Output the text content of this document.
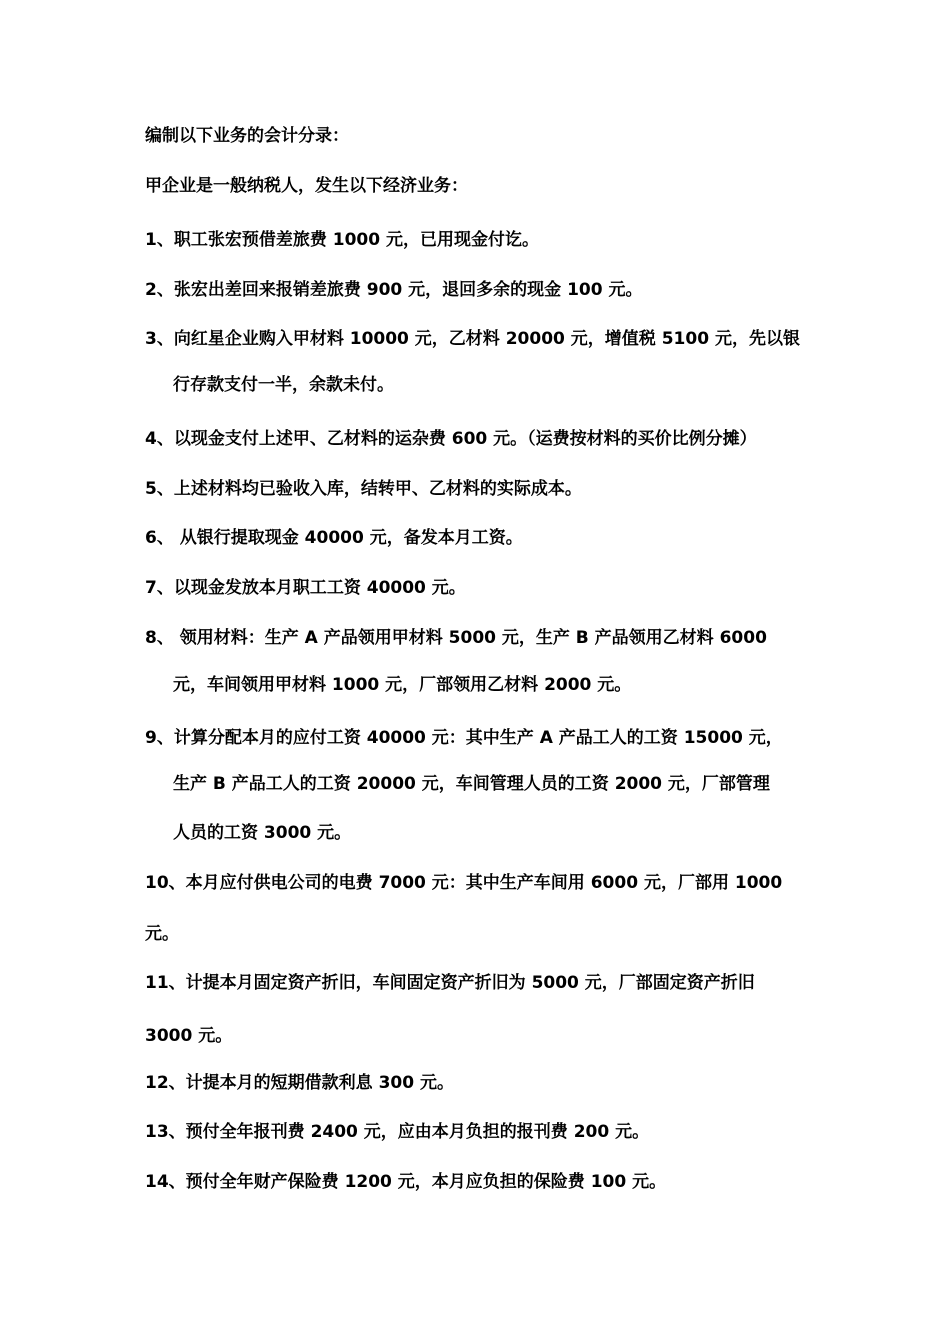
编制以下业务的会计分录：
甲企业是一般纳税人，发生以下经济业务：
1、职工张宏预借差旅费 1000 元，已用现金付讫。
2、张宏出差回来报销差旅费 900 元，退回多余的现金 100 元。
3、向红星企业购入甲材料 10000 元，乙材料 20000 元，增值税 5100 元，先以银
行存款支付一半，余款未付。
4、以现金支付上述甲、乙材料的运杂费 600 元。（运费按材料的买价比例分摊）
5、上述材料均已验收入库，结转甲、乙材料的实际成本。
6、 从银行提取现金 40000 元，备发本月工资。
7、以现金发放本月职工工资 40000 元。
8、 领用材料：生产 A 产品领用甲材料 5000 元，生产 B 产品领用乙材料 6000
元，车间领用甲材料 1000 元，厂部领用乙材料 2000 元。
9、计算分配本月的应付工资 40000 元：其中生产 A 产品工人的工资 15000 元，
生产 B 产品工人的工资 20000 元，车间管理人员的工资 2000 元，厂部管理
人员的工资 3000 元。
10、本月应付供电公司的电费 7000 元：其中生产车间用 6000 元，厂部用 1000
元。
11、计提本月固定资产折旧，车间固定资产折旧为 5000 元，厂部固定资产折旧
3000 元。
12、计提本月的短期借款利息 300 元。
13、预付全年报刊费 2400 元，应由本月负担的报刊费 200 元。
14、预付全年财产保险费 1200 元，本月应负担的保险费 100 元。
